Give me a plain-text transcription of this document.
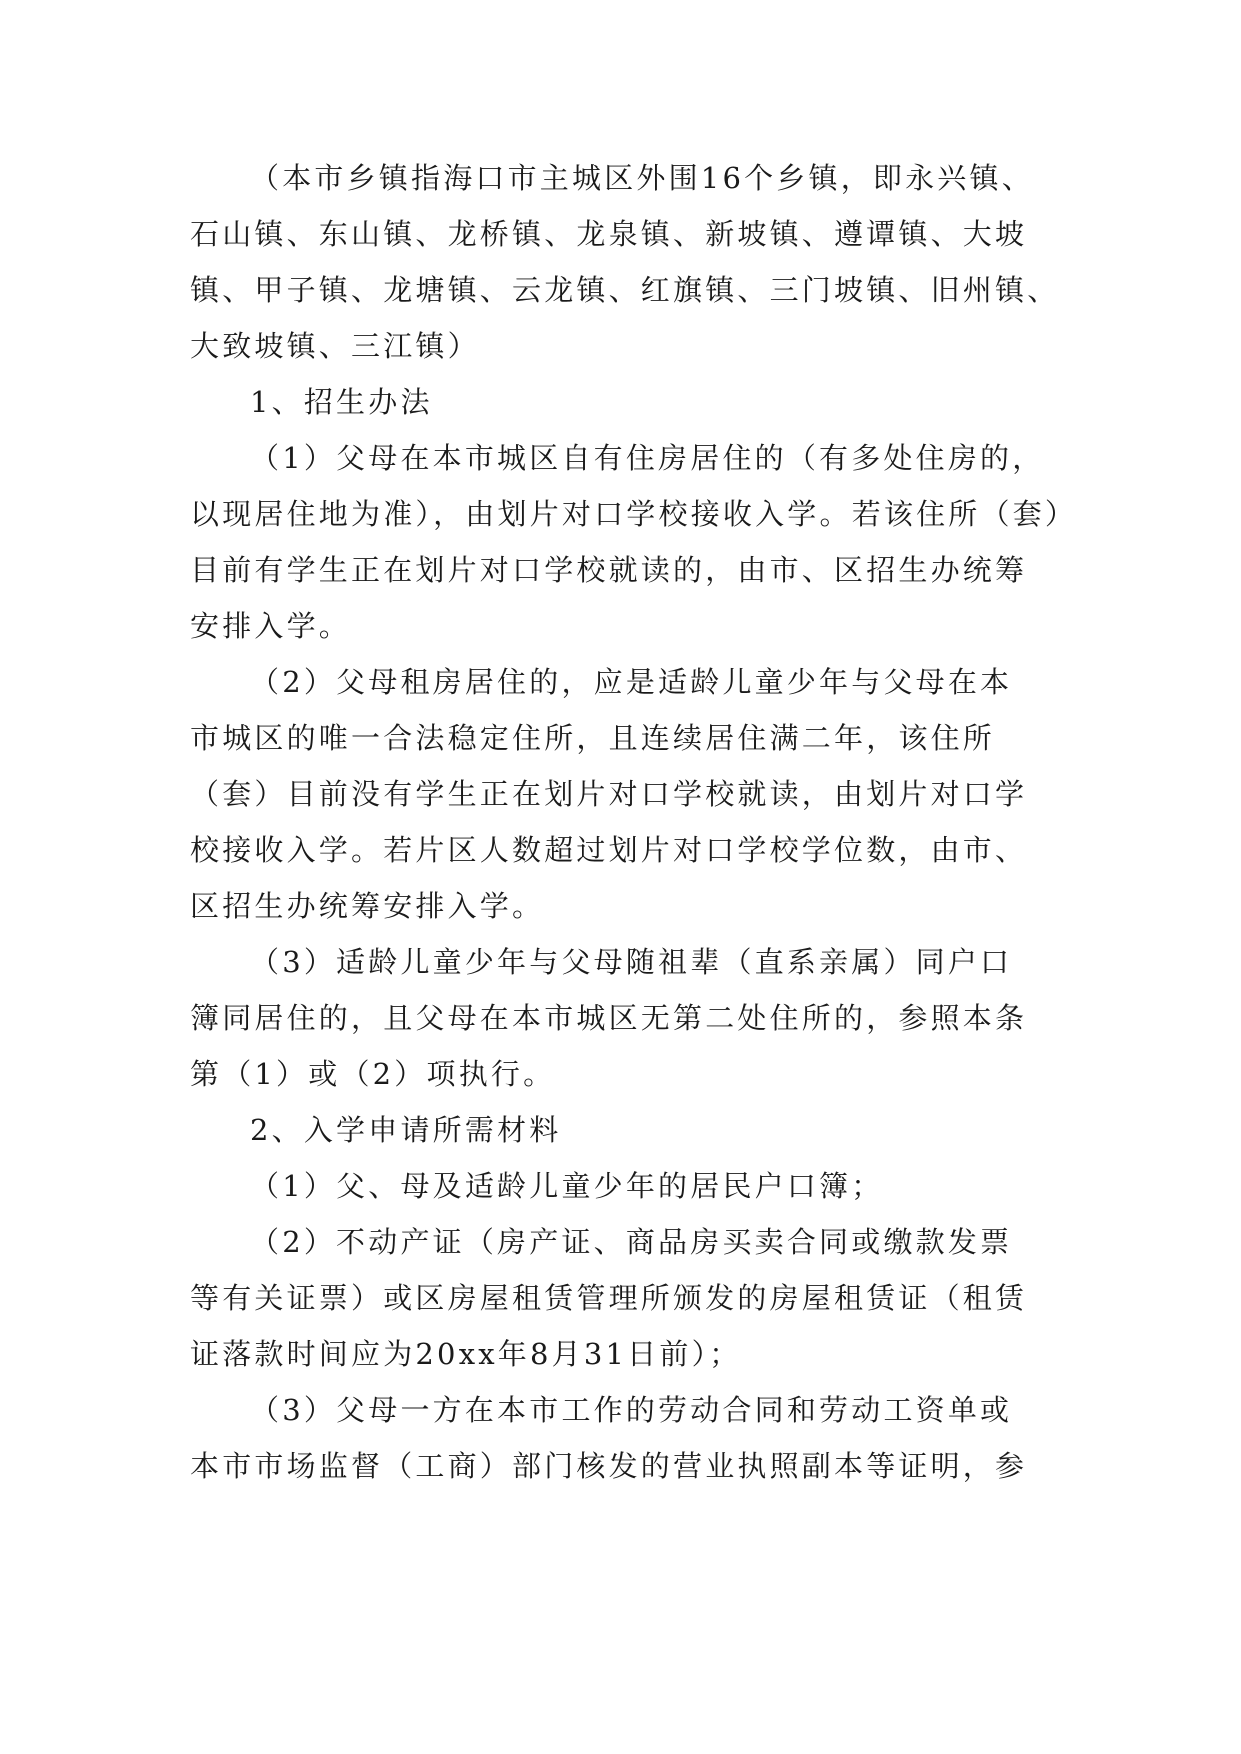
（本市乡镇指海口市主城区外围16个乡镇，即永兴镇、
石山镇、东山镇、龙桥镇、龙泉镇、新坡镇、遵谭镇、大坡
镇、甲子镇、龙塘镇、云龙镇、红旗镇、三门坡镇、旧州镇、
大致坡镇、三江镇）
1、招生办法
（1）父母在本市城区自有住房居住的（有多处住房的，
以现居住地为准），由划片对口学校接收入学。若该住所（套）
目前有学生正在划片对口学校就读的，由市、区招生办统筹
安排入学。
（2）父母租房居住的，应是适龄儿童少年与父母在本
市城区的唯一合法稳定住所，且连续居住满二年，该住所
（套）目前没有学生正在划片对口学校就读，由划片对口学
校接收入学。若片区人数超过划片对口学校学位数，由市、
区招生办统筹安排入学。
（3）适龄儿童少年与父母随祖辈（直系亲属）同户口
簿同居住的，且父母在本市城区无第二处住所的，参照本条
第（1）或（2）项执行。
2、入学申请所需材料
（1）父、母及适龄儿童少年的居民户口簿；
（2）不动产证（房产证、商品房买卖合同或缴款发票
等有关证票）或区房屋租赁管理所颁发的房屋租赁证（租赁
证落款时间应为20xx年8月31日前）；
（3）父母一方在本市工作的劳动合同和劳动工资单或
本市市场监督（工商）部门核发的营业执照副本等证明，参
